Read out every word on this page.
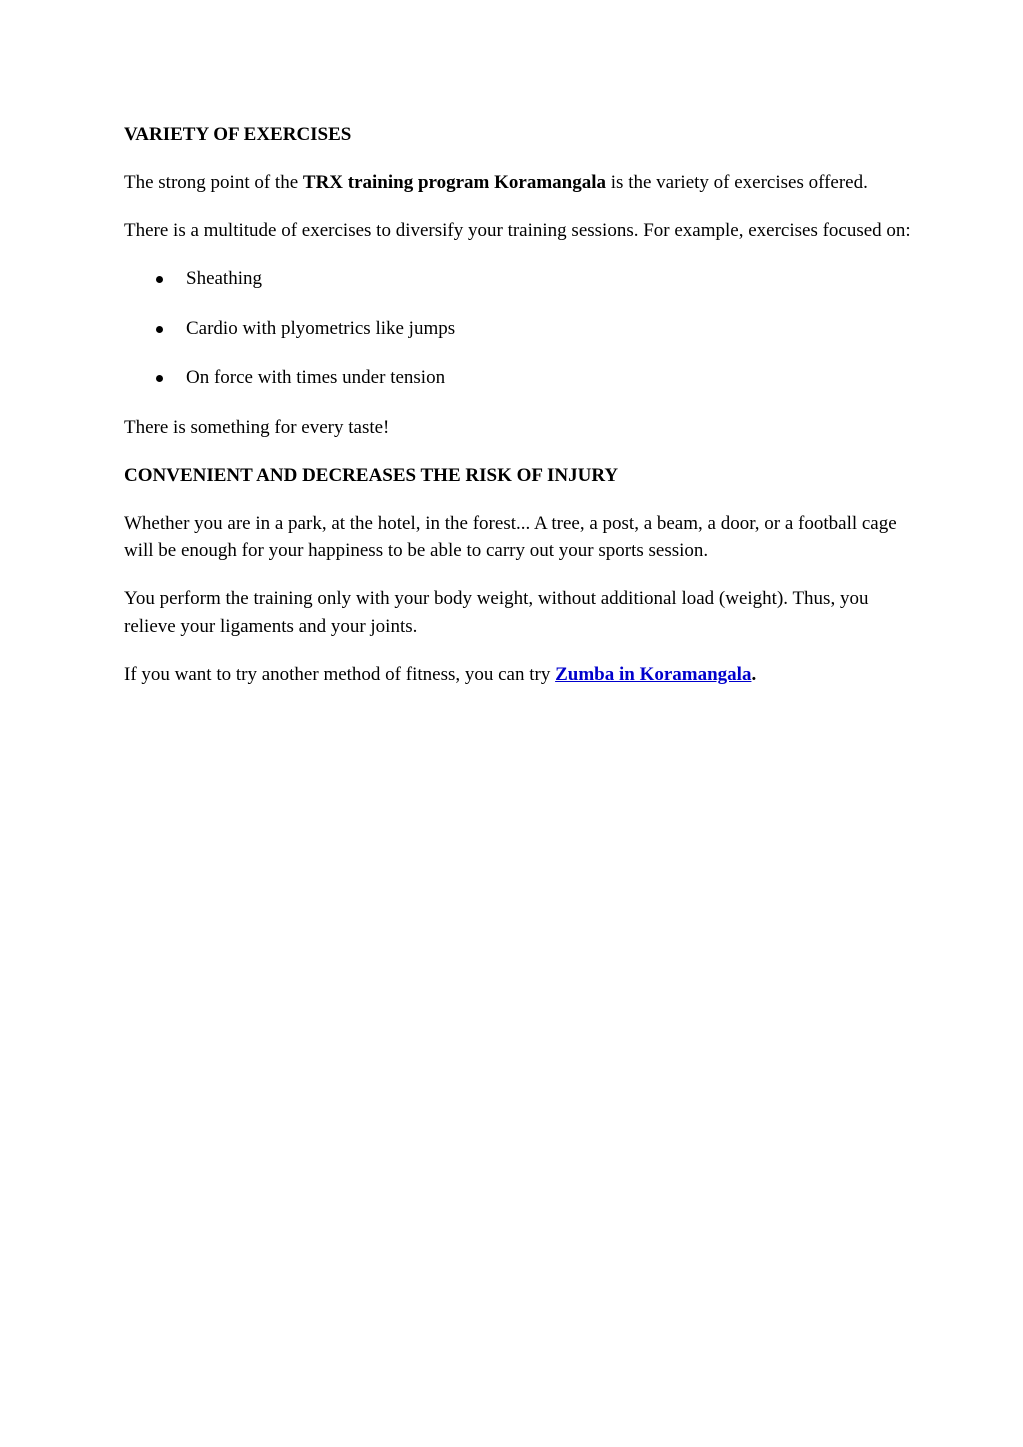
VARIETY OF EXERCISES

The strong point of the TRX training program Koramangala is the variety of exercises offered.

There is a multitude of exercises to diversify your training sessions. For example, exercises focused on:

Sheathing
Cardio with plyometrics like jumps
On force with times under tension

There is something for every taste!

CONVENIENT AND DECREASES THE RISK OF INJURY

Whether you are in a park, at the hotel, in the forest... A tree, a post, a beam, a door, or a football cage will be enough for your happiness to be able to carry out your sports session.

You perform the training only with your body weight, without additional load (weight). Thus, you relieve your ligaments and your joints.

If you want to try another method of fitness, you can try Zumba in Koramangala.
